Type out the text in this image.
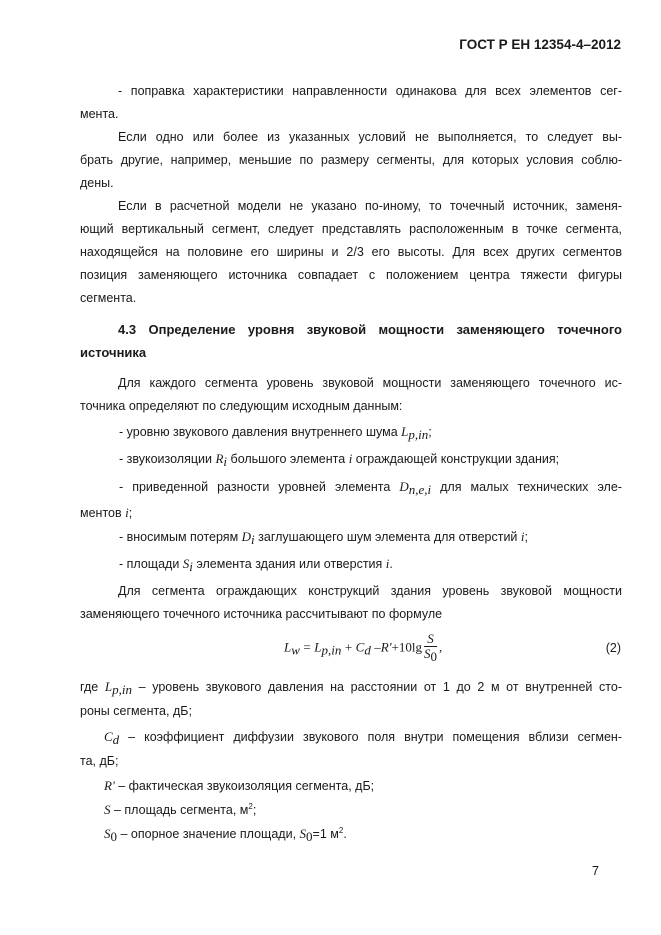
ГОСТ Р ЕН 12354-4–2012
- поправка характеристики направленности одинакова для всех элементов сег-
мента.
Если одно или более из указанных условий не выполняется, то следует вы-
брать другие, например, меньшие по размеру сегменты, для которых условия соблю-
дены.
Если в расчетной модели не указано по-иному, то точечный источник, заменя-
ющий вертикальный сегмент, следует представлять расположенным в точке сегмента,
находящейся на половине его ширины и 2/3 его высоты. Для всех других сегментов
позиция заменяющего источника совпадает с положением центра тяжести фигуры
сегмента.
4.3 Определение уровня звуковой мощности заменяющего точечного
источника
Для каждого сегмента уровень звуковой мощности заменяющего точечного ис-
точника определяют по следующим исходным данным:
- уровню звукового давления внутреннего шума $L_{p,in}$;
- звукоизоляции $R_i$ большого элемента i ограждающей конструкции здания;
- приведенной разности уровней элемента $D_{n,e,i}$ для малых технических эле-
ментов i;
- вносимым потерям $D_i$ заглушающего шум элемента для отверстий i;
- площади $S_i$ элемента здания или отверстия i.
Для сегмента ограждающих конструкций здания уровень звуковой мощности
заменяющего точечного источника рассчитывают по формуле
$L_w = L_{p,in} + C_d$ $-R'+10\lg \frac{S}{S_0}$ ,	(2)
где $L_{p,in}$ – уровень звукового давления на расстоянии от 1 до 2 м от внутренней сто-
роны сегмента, дБ;
$C_d$ – коэффициент диффузии звукового поля внутри помещения вблизи сегмен-
та, дБ;
R' – фактическая звукоизоляция сегмента, дБ;
S – площадь сегмента, $м^2$;
$S_0$ – опорное значение площади, $S_0=1$ $м^2$.
7
